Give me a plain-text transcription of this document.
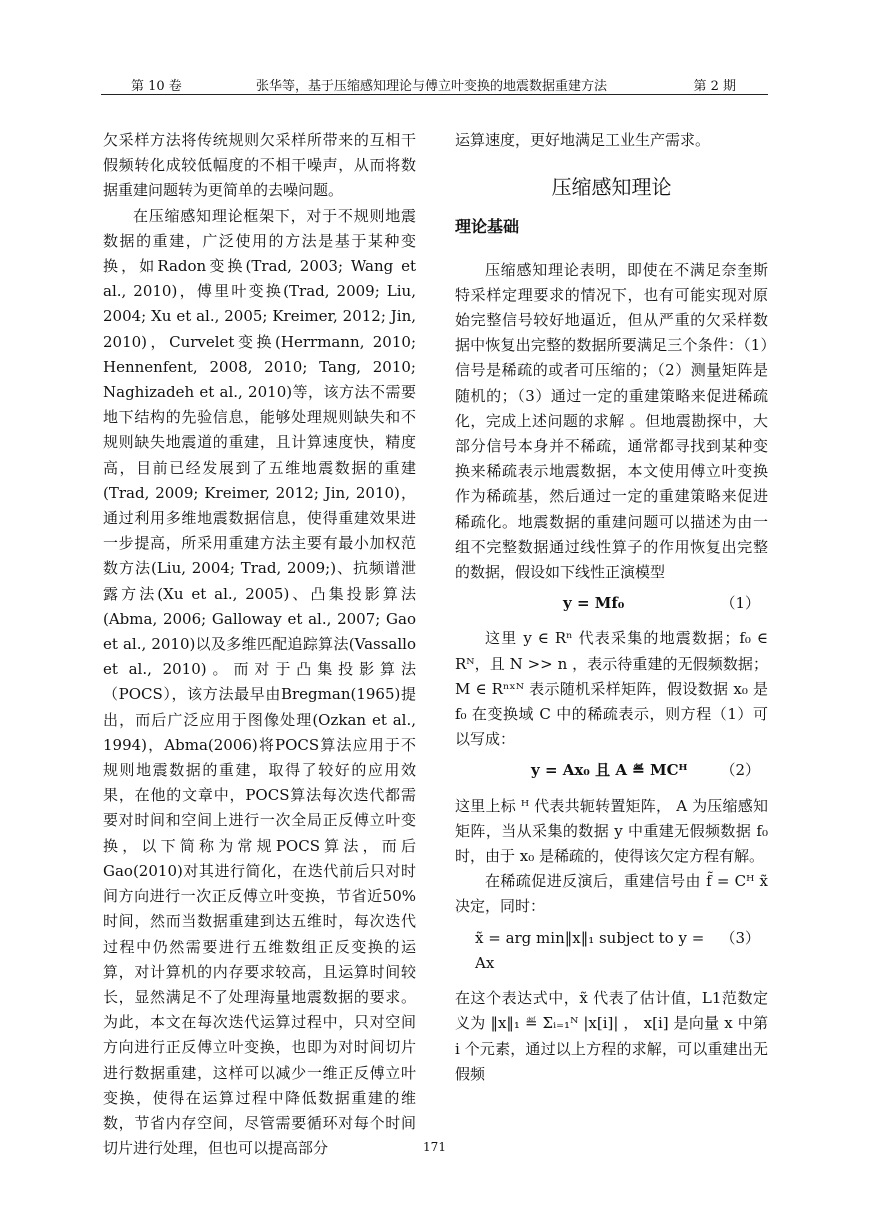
第 10 卷	张华等，基于压缩感知理论与傅立叶变换的地震数据重建方法	第 2 期

欠采样方法将传统规则欠采样所带来的互相干假频转化成较低幅度的不相干噪声，从而将数据重建问题转为更简单的去噪问题。

在压缩感知理论框架下，对于不规则地震数据的重建，广泛使用的方法是基于某种变换，如Radon变换(Trad, 2003; Wang et al., 2010)，傅里叶变换(Trad, 2009; Liu, 2004; Xu et al., 2005; Kreimer, 2012; Jin, 2010)，Curvelet变换(Herrmann, 2010; Hennenfent, 2008, 2010; Tang, 2010; Naghizadeh et al., 2010)等，该方法不需要地下结构的先验信息，能够处理规则缺失和不规则缺失地震道的重建，且计算速度快，精度高，目前已经发展到了五维地震数据的重建(Trad, 2009; Kreimer, 2012; Jin, 2010)，通过利用多维地震数据信息，使得重建效果进一步提高，所采用重建方法主要有最小加权范数方法(Liu, 2004; Trad, 2009;)、抗频谱泄露方法(Xu et al., 2005)、凸集投影算法(Abma, 2006; Galloway et al., 2007; Gao et al., 2010)以及多维匹配追踪算法(Vassallo et al., 2010)。而对于凸集投影算法（POCS），该方法最早由Bregman(1965)提出，而后广泛应用于图像处理(Ozkan et al., 1994)，Abma(2006)将POCS算法应用于不规则地震数据的重建，取得了较好的应用效果，在他的文章中，POCS算法每次迭代都需要对时间和空间上进行一次全局正反傅立叶变换，以下简称为常规POCS算法，而后Gao(2010)对其进行简化，在迭代前后只对时间方向进行一次正反傅立叶变换，节省近50%时间，然而当数据重建到达五维时，每次迭代过程中仍然需要进行五维数组正反变换的运算，对计算机的内存要求较高，且运算时间较长，显然满足不了处理海量地震数据的要求。为此，本文在每次迭代运算过程中，只对空间方向进行正反傅立叶变换，也即为对时间切片进行数据重建，这样可以减少一维正反傅立叶变换，使得在运算过程中降低数据重建的维数，节省内存空间，尽管需要循环对每个时间切片进行处理，但也可以提高部分

运算速度，更好地满足工业生产需求。

压缩感知理论

理论基础

压缩感知理论表明，即使在不满足奈奎斯特采样定理要求的情况下，也有可能实现对原始完整信号较好地逼近，但从严重的欠采样数据中恢复出完整的数据所要满足三个条件：（1）信号是稀疏的或者可压缩的；（2）测量矩阵是随机的；（3）通过一定的重建策略来促进稀疏化，完成上述问题的求解 。但地震勘探中，大部分信号本身并不稀疏，通常都寻找到某种变换来稀疏表示地震数据，本文使用傅立叶变换作为稀疏基，然后通过一定的重建策略来促进稀疏化。地震数据的重建问题可以描述为由一组不完整数据通过线性算子的作用恢复出完整的数据，假设如下线性正演模型

y = Mf₀	（1）

这里 y ∈ Rⁿ 代表采集的地震数据；f₀ ∈ Rᴺ，且 N >> n ，表示待重建的无假频数据；M ∈ Rⁿˣᴺ 表示随机采样矩阵，假设数据 x₀ 是 f₀ 在变换域 C 中的稀疏表示，则方程（1）可以写成：

y = Ax₀ 且 A ≝ MCᴴ （2）

这里上标 ᴴ 代表共轭转置矩阵， A 为压缩感知矩阵，当从采集的数据 y 中重建无假频数据 f₀ 时，由于 x₀ 是稀疏的，使得该欠定方程有解。

在稀疏促进反演后，重建信号由 f̃ = Cᴴ x̃ 决定，同时：

x̃ = arg min‖x‖₁ subject to y = Ax
（3）

在这个表达式中，x̃ 代表了估计值，L1范数定义为 ‖x‖₁ ≝ Σᵢ₌₁ᴺ |x[i]| ， x[i] 是向量 x 中第 i 个元素，通过以上方程的求解，可以重建出无假频

171
